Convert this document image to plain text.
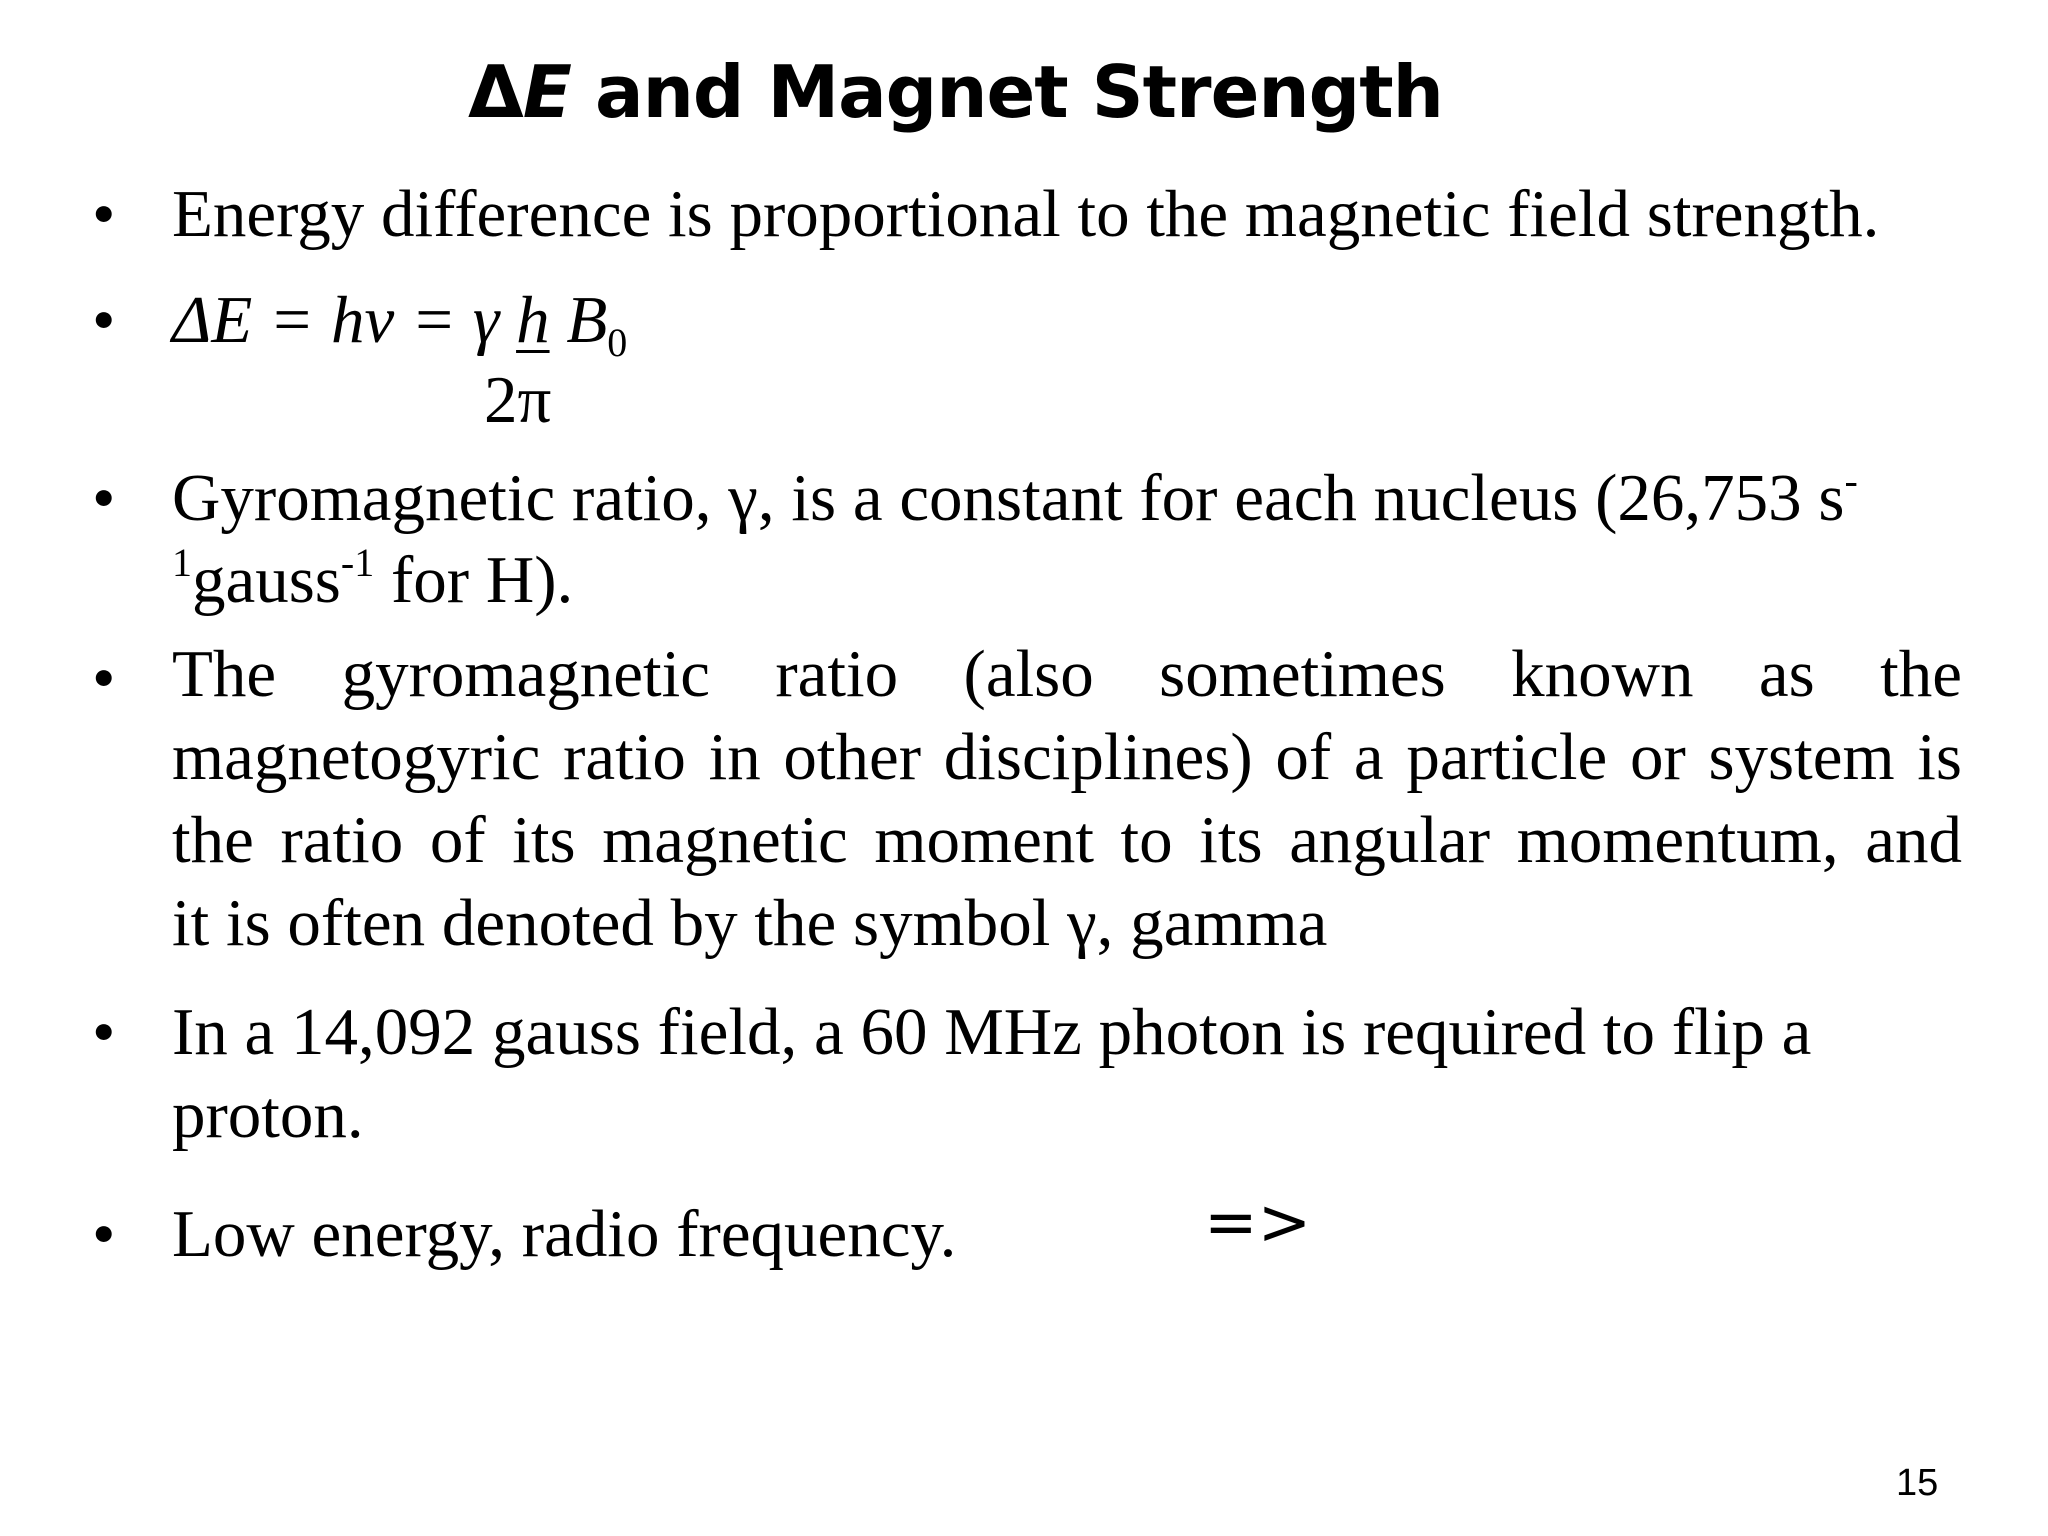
ΔE and Magnet Strength
• Energy difference is proportional to the magnetic field strength.
• ΔE = hν = γ h $B_0$
2π
• Gyromagnetic ratio, γ, is a constant for each nucleus (26,753 s-
$^1$gauss$^{-1}$ for H).
• The gyromagnetic ratio (also sometimes known as the
magnetogyric ratio in other disciplines) of a particle or system is
the ratio of its magnetic moment to its angular momentum, and
it is often denoted by the symbol γ, gamma
• In a 14,092 gauss field, a 60 MHz photon is required to flip a
proton.
• Low energy, radio frequency.	=>
15
